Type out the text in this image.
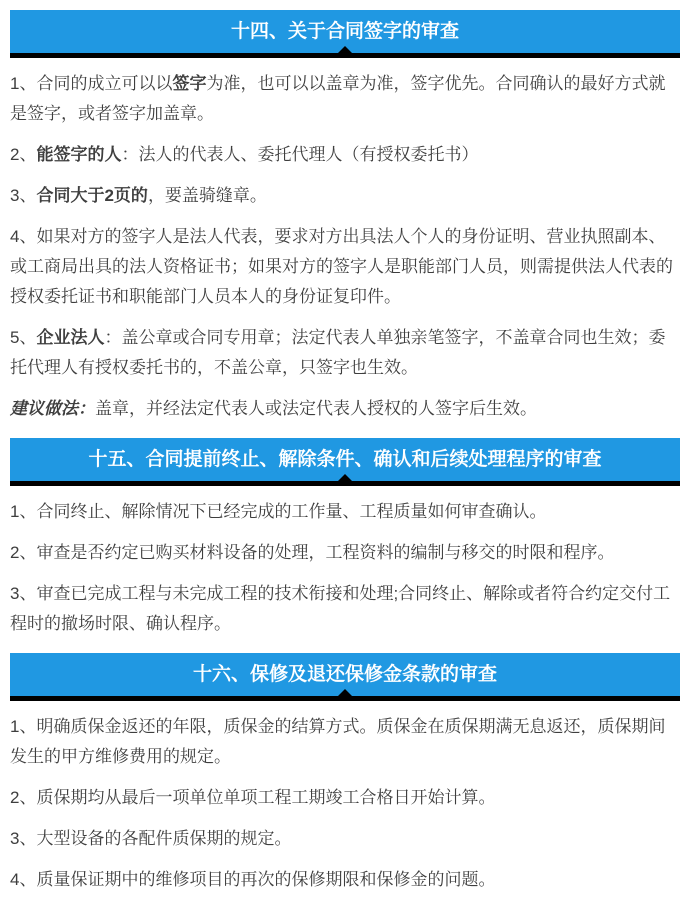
十四、关于合同签字的审查

1、合同的成立可以以签字为准，也可以以盖章为准，签字优先。合同确认的最好方式就是签字，或者签字加盖章。

2、能签字的人：法人的代表人、委托代理人（有授权委托书）

3、合同大于2页的，要盖骑缝章。

4、如果对方的签字人是法人代表，要求对方出具法人个人的身份证明、营业执照副本、或工商局出具的法人资格证书；如果对方的签字人是职能部门人员，则需提供法人代表的授权委托证书和职能部门人员本人的身份证复印件。

5、企业法人：盖公章或合同专用章；法定代表人单独亲笔签字，不盖章合同也生效；委托代理人有授权委托书的，不盖公章，只签字也生效。

建议做法：盖章，并经法定代表人或法定代表人授权的人签字后生效。

十五、合同提前终止、解除条件、确认和后续处理程序的审查

1、合同终止、解除情况下已经完成的工作量、工程质量如何审查确认。

2、审查是否约定已购买材料设备的处理，工程资料的编制与移交的时限和程序。

3、审查已完成工程与未完成工程的技术衔接和处理;合同终止、解除或者符合约定交付工程时的撤场时限、确认程序。

十六、保修及退还保修金条款的审查

1、明确质保金返还的年限，质保金的结算方式。质保金在质保期满无息返还，质保期间发生的甲方维修费用的规定。

2、质保期均从最后一项单位单项工程工期竣工合格日开始计算。

3、大型设备的各配件质保期的规定。

4、质量保证期中的维修项目的再次的保修期限和保修金的问题。
